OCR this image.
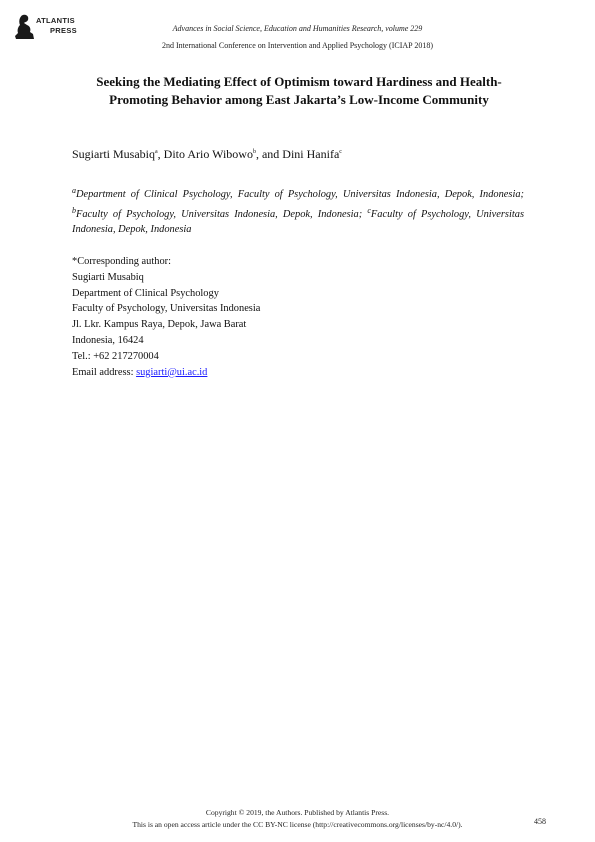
ATLANTIS
PRESS	Advances in Social Science, Education and Humanities Research, volume 229
2nd International Conference on Intervention and Applied Psychology (ICIAP 2018)
Seeking the Mediating Effect of Optimism toward Hardiness and Health-Promoting Behavior among East Jakarta’s Low-Income Community
Sugiarti Musabiq$^a$, Dito Ario Wibowo$^b$, and Dini Hanifa$^c$
$^a$Department of Clinical Psychology, Faculty of Psychology, Universitas Indonesia, Depok, Indonesia; $^b$Faculty of Psychology, Universitas Indonesia, Depok, Indonesia; $^c$Faculty of Psychology, Universitas Indonesia, Depok, Indonesia
*Corresponding author:
Sugiarti Musabiq
Department of Clinical Psychology
Faculty of Psychology, Universitas Indonesia
Jl. Lkr. Kampus Raya, Depok, Jawa Barat
Indonesia, 16424
Tel.: +62 217270004
Email address: sugiarti@ui.ac.id
Copyright © 2019, the Authors. Published by Atlantis Press.
This is an open access article under the CC BY-NC license (http://creativecommons.org/licenses/by-nc/4.0/).	458
